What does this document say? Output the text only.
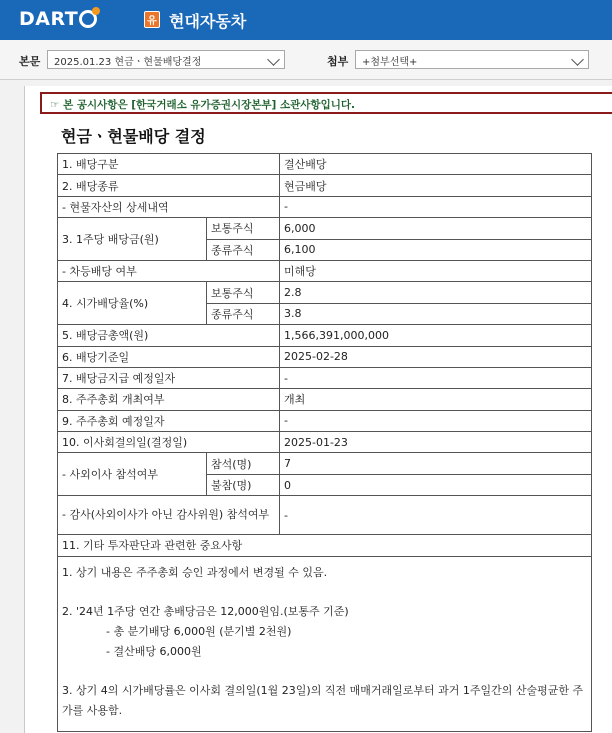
DART	유 현대자동차
본문	2025.01.23 현금ㆍ현물배당결정	첨부	+첨부선택+
☞ 본 공시사항은 [한국거래소 유가증권시장본부] 소관사항입니다.
현금ㆍ현물배당 결정
1. 배당구분		결산배당
2. 배당종류		현금배당
- 현물자산의 상세내역		-
3. 1주당 배당금(원)	보통주식	6,000
	종류주식	6,100
- 차등배당 여부		미해당
4. 시가배당율(%)	보통주식	2.8
	종류주식	3.8
5. 배당금총액(원)		1,566,391,000,000
6. 배당기준일		2025-02-28
7. 배당금지급 예정일자		-
8. 주주총회 개최여부		개최
9. 주주총회 예정일자		-
10. 이사회결의일(결정일)		2025-01-23
- 사외이사 참석여부	참석(명)	7
	불참(명)	0
- 감사(사외이사가 아닌 감사위원) 참석여부		-
11. 기타 투자판단과 관련한 중요사항		

1. 상기 내용은 주주총회 승인 과정에서 변경될 수 있음.

2. '24년 1주당 연간 총배당금은 12,000원임.(보통주 기준)

- 총 분기배당 6,000원 (분기별 2천원)

- 결산배당 6,000원

3. 상기 4의 시가배당률은 이사회 결의일(1월 23일)의 직전 매매거래일로부터 과거 1주일간의 산술평균한 주가를 사용함.		
